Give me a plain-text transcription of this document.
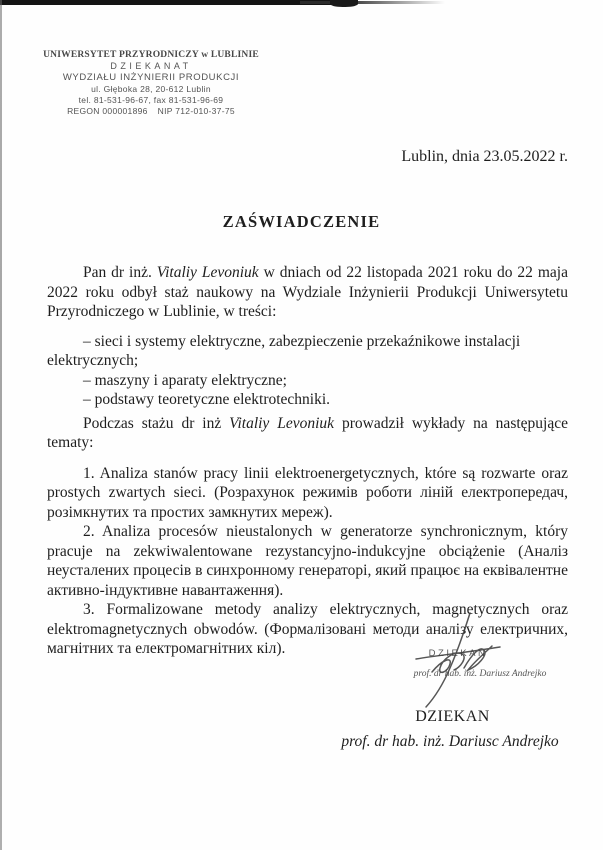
UNIWERSYTET PRZYRODNICZY w LUBLINIE
DZIEKANAT
WYDZIAŁU INŻYNIERII PRODUKCJI
ul. Głęboka 28, 20-612 Lublin
tel. 81-531-96-67, fax 81-531-96-69
REGON 000001896 NIP 712-010-37-75
Lublin, dnia 23.05.2022 r.
ZAŚWIADCZENIE

Pan dr inż. Vitaliy Levoniuk w dniach od 22 listopada 2021 roku do 22 maja 2022 roku odbył staż naukowy na Wydziale Inżynierii Produkcji Uniwersytetu Przyrodniczego w Lublinie, w treści:

– sieci i systemy elektryczne, zabezpieczenie przekaźnikowe instalacji elektrycznych;

– maszyny i aparaty elektryczne;

– podstawy teoretyczne elektrotechniki.

Podczas stażu dr inż Vitaliy Levoniuk prowadził wykłady na następujące tematy:

1. Analiza stanów pracy linii elektroenergetycznych, które są rozwarte oraz prostych zwartych sieci. (Розрахунок режимів роботи ліній електропередач, розімкнутих та простих замкнутих мереж).

2. Analiza procesów nieustalonych w generatorze synchronicznym, który pracuje na zekwiwalentowane rezystancyjno-indukcyjne obciążenie (Аналіз неусталених процесів в синхронному генераторі, який працює на еквівалентне активно-індуктивне навантаження).

3. Formalizowane metody analizy elektrycznych, magnetycznych oraz elektromagnetycznych obwodów. (Формалізовані методи аналізу електричних, магнітних та електромагнітних кіл).	DZIEKAN
prof. dr hab. inż. Dariusz Andrejko
DZIEKAN
prof. dr hab. inż. Dariusc Andrejko
